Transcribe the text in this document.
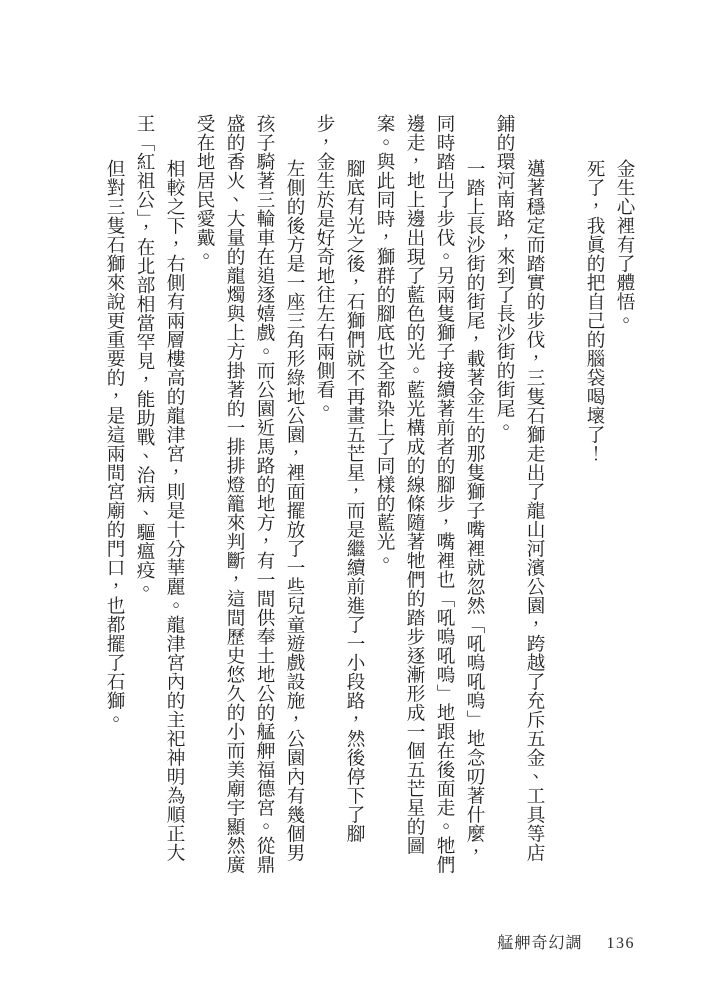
金生心裡有了體悟。

死了，我眞的把自己的腦袋喝壞了！

邁著穩定而踏實的步伐，三隻石獅走出了龍山河濱公園，跨越了充斥五金、工具等店鋪的環河南路，來到了長沙街的街尾。

一踏上長沙街的街尾，載著金生的那隻獅子嘴裡就忽然「吼嗚吼嗚」地念叨著什麼，同時踏出了步伐。另兩隻獅子接續著前者的腳步，嘴裡也「吼嗚吼嗚」地跟在後面走。牠們邊走，地上邊出現了藍色的光。藍光構成的線條隨著牠們的踏步逐漸形成一個五芒星的圖案。與此同時，獅群的腳底也全都染上了同樣的藍光。

腳底有光之後，石獅們就不再畫五芒星，而是繼續前進了一小段路，然後停下了腳步，金生於是好奇地往左右兩側看。

左側的後方是一座三角形綠地公園，裡面擺放了一些兒童遊戲設施，公園內有幾個男孩子騎著三輪車在追逐嬉戲。而公園近馬路的地方，有一間供奉土地公的艋舺福德宮。從鼎盛的香火、大量的龍燭與上方掛著的一排排燈籠來判斷，這間歷史悠久的小而美廟宇顯然廣受在地居民愛戴。

相較之下，右側有兩層樓高的龍津宮，則是十分華麗。龍津宮內的主祀神明為順正大王「紅祖公」，在北部相當罕見，能助戰、治病、驅瘟疫。

但對三隻石獅來說更重要的，是這兩間宮廟的門口，也都擺了石獅。

艋舺奇幻調 136
